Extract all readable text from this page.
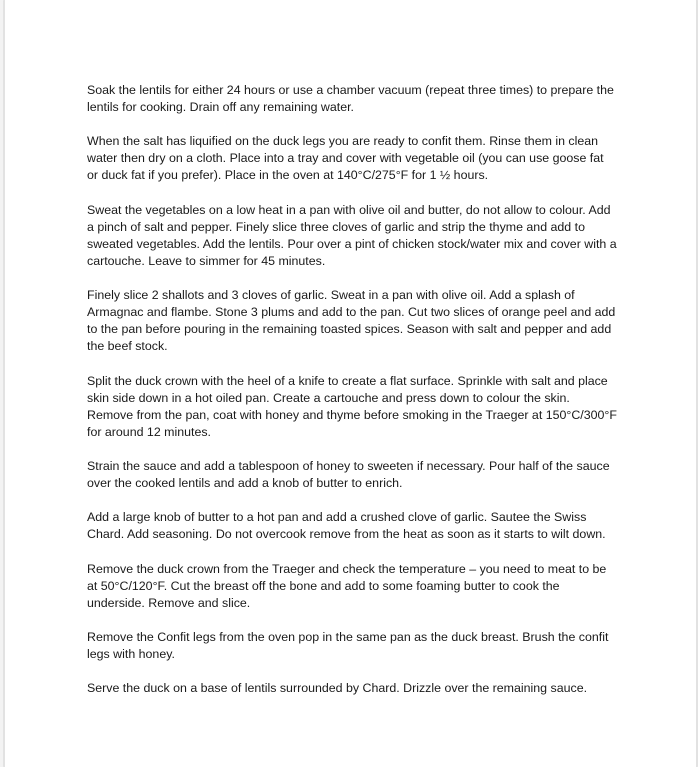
Soak the lentils for either 24 hours or use a chamber vacuum (repeat three times) to prepare the lentils for cooking. Drain off any remaining water.

When the salt has liquified on the duck legs you are ready to confit them. Rinse them in clean water then dry on a cloth. Place into a tray and cover with vegetable oil (you can use goose fat or duck fat if you prefer). Place in the oven at 140°C/275°F for 1 ½ hours.

Sweat the vegetables on a low heat in a pan with olive oil and butter, do not allow to colour. Add a pinch of salt and pepper. Finely slice three cloves of garlic and strip the thyme and add to sweated vegetables. Add the lentils. Pour over a pint of chicken stock/water mix and cover with a cartouche. Leave to simmer for 45 minutes.

Finely slice 2 shallots and 3 cloves of garlic. Sweat in a pan with olive oil. Add a splash of Armagnac and flambe. Stone 3 plums and add to the pan. Cut two slices of orange peel and add to the pan before pouring in the remaining toasted spices. Season with salt and pepper and add the beef stock.

Split the duck crown with the heel of a knife to create a flat surface. Sprinkle with salt and place skin side down in a hot oiled pan. Create a cartouche and press down to colour the skin. Remove from the pan, coat with honey and thyme before smoking in the Traeger at 150°C/300°F for around 12 minutes.

Strain the sauce and add a tablespoon of honey to sweeten if necessary. Pour half of the sauce over the cooked lentils and add a knob of butter to enrich.

Add a large knob of butter to a hot pan and add a crushed clove of garlic. Sautee the Swiss Chard. Add seasoning. Do not overcook remove from the heat as soon as it starts to wilt down.

Remove the duck crown from the Traeger and check the temperature – you need to meat to be at 50°C/120°F. Cut the breast off the bone and add to some foaming butter to cook the underside. Remove and slice.

Remove the Confit legs from the oven pop in the same pan as the duck breast. Brush the confit legs with honey.

Serve the duck on a base of lentils surrounded by Chard. Drizzle over the remaining sauce.
